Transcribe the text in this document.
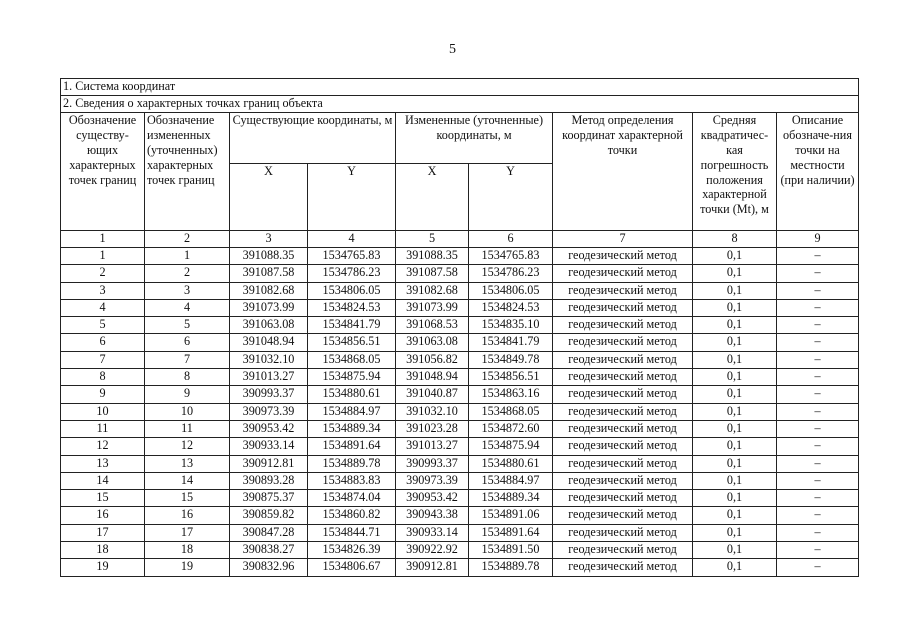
5
1. Система координат								
2. Сведения о характерных точках границ объекта								
Обозначение существу-ющих характерных точек границ	Обозначение измененных (уточненных) характерных точек границ	Существующие координаты, м		Измененные (уточненные) координаты, м		Метод определения координат характерной точки	Средняя квадратичес-кая погрешность положения характерной точки (Mt), м	Описание обозначе-ния точки на местности (при наличии)
		X	Y	X	Y			
1	2	3	4	5	6	7	8	9
1	1	391088.35	1534765.83	391088.35	1534765.83	геодезический метод	0,1	–
2	2	391087.58	1534786.23	391087.58	1534786.23	геодезический метод	0,1	–
3	3	391082.68	1534806.05	391082.68	1534806.05	геодезический метод	0,1	–
4	4	391073.99	1534824.53	391073.99	1534824.53	геодезический метод	0,1	–
5	5	391063.08	1534841.79	391068.53	1534835.10	геодезический метод	0,1	–
6	6	391048.94	1534856.51	391063.08	1534841.79	геодезический метод	0,1	–
7	7	391032.10	1534868.05	391056.82	1534849.78	геодезический метод	0,1	–
8	8	391013.27	1534875.94	391048.94	1534856.51	геодезический метод	0,1	–
9	9	390993.37	1534880.61	391040.87	1534863.16	геодезический метод	0,1	–
10	10	390973.39	1534884.97	391032.10	1534868.05	геодезический метод	0,1	–
11	11	390953.42	1534889.34	391023.28	1534872.60	геодезический метод	0,1	–
12	12	390933.14	1534891.64	391013.27	1534875.94	геодезический метод	0,1	–
13	13	390912.81	1534889.78	390993.37	1534880.61	геодезический метод	0,1	–
14	14	390893.28	1534883.83	390973.39	1534884.97	геодезический метод	0,1	–
15	15	390875.37	1534874.04	390953.42	1534889.34	геодезический метод	0,1	–
16	16	390859.82	1534860.82	390943.38	1534891.06	геодезический метод	0,1	–
17	17	390847.28	1534844.71	390933.14	1534891.64	геодезический метод	0,1	–
18	18	390838.27	1534826.39	390922.92	1534891.50	геодезический метод	0,1	–
19	19	390832.96	1534806.67	390912.81	1534889.78	геодезический метод	0,1	–
